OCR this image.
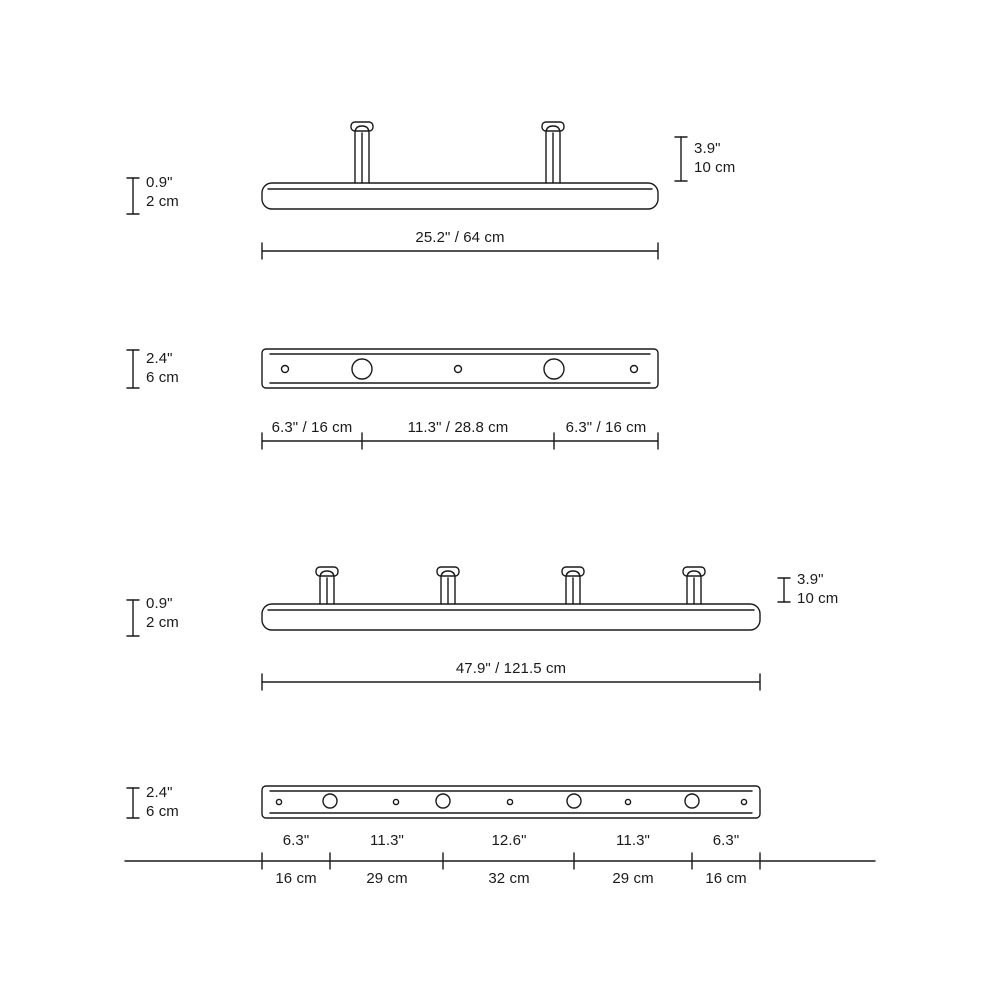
0.9"
2 cm
3.9"
10 cm
25.2" / 64 cm
2.4"
6 cm
6.3" / 16 cm	11.3" / 28.8 cm	6.3" / 16 cm
0.9"
2 cm
3.9"
10 cm
47.9" / 121.5 cm
2.4"
6 cm
6.3"	11.3"	12.6"	11.3"	6.3"
16 cm	29 cm	32 cm	29 cm	16 cm
